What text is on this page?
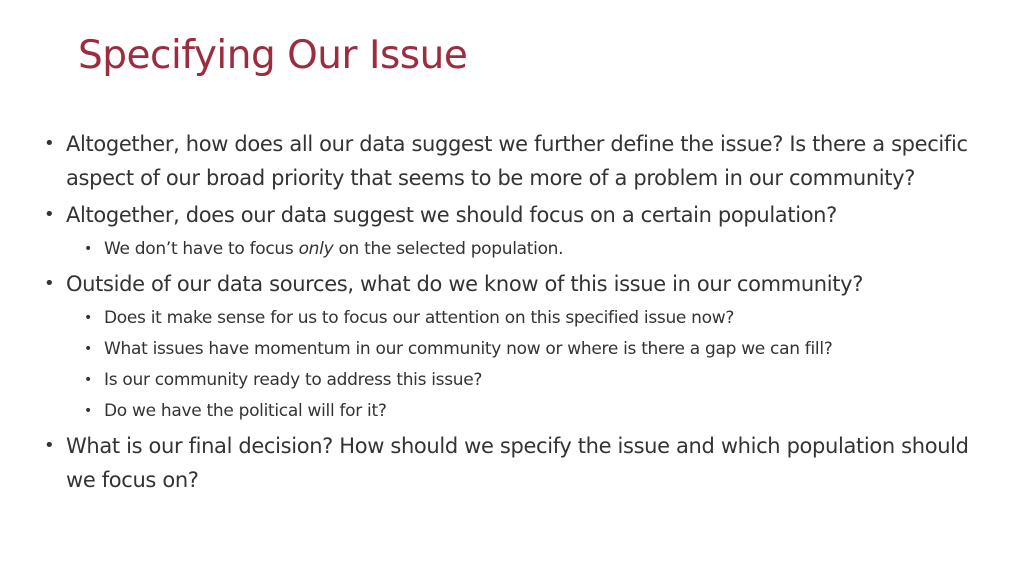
Specifying Our Issue

• Altogether, how does all our data suggest we further define the issue? Is there a specific aspect of our broad priority that seems to be more of a problem in our community?

• Altogether, does our data suggest we should focus on a certain population?

• We don’t have to focus only on the selected population.

• Outside of our data sources, what do we know of this issue in our community?

• Does it make sense for us to focus our attention on this specified issue now?

• What issues have momentum in our community now or where is there a gap we can fill?

• Is our community ready to address this issue?

• Do we have the political will for it?

• What is our final decision? How should we specify the issue and which population should we focus on?
